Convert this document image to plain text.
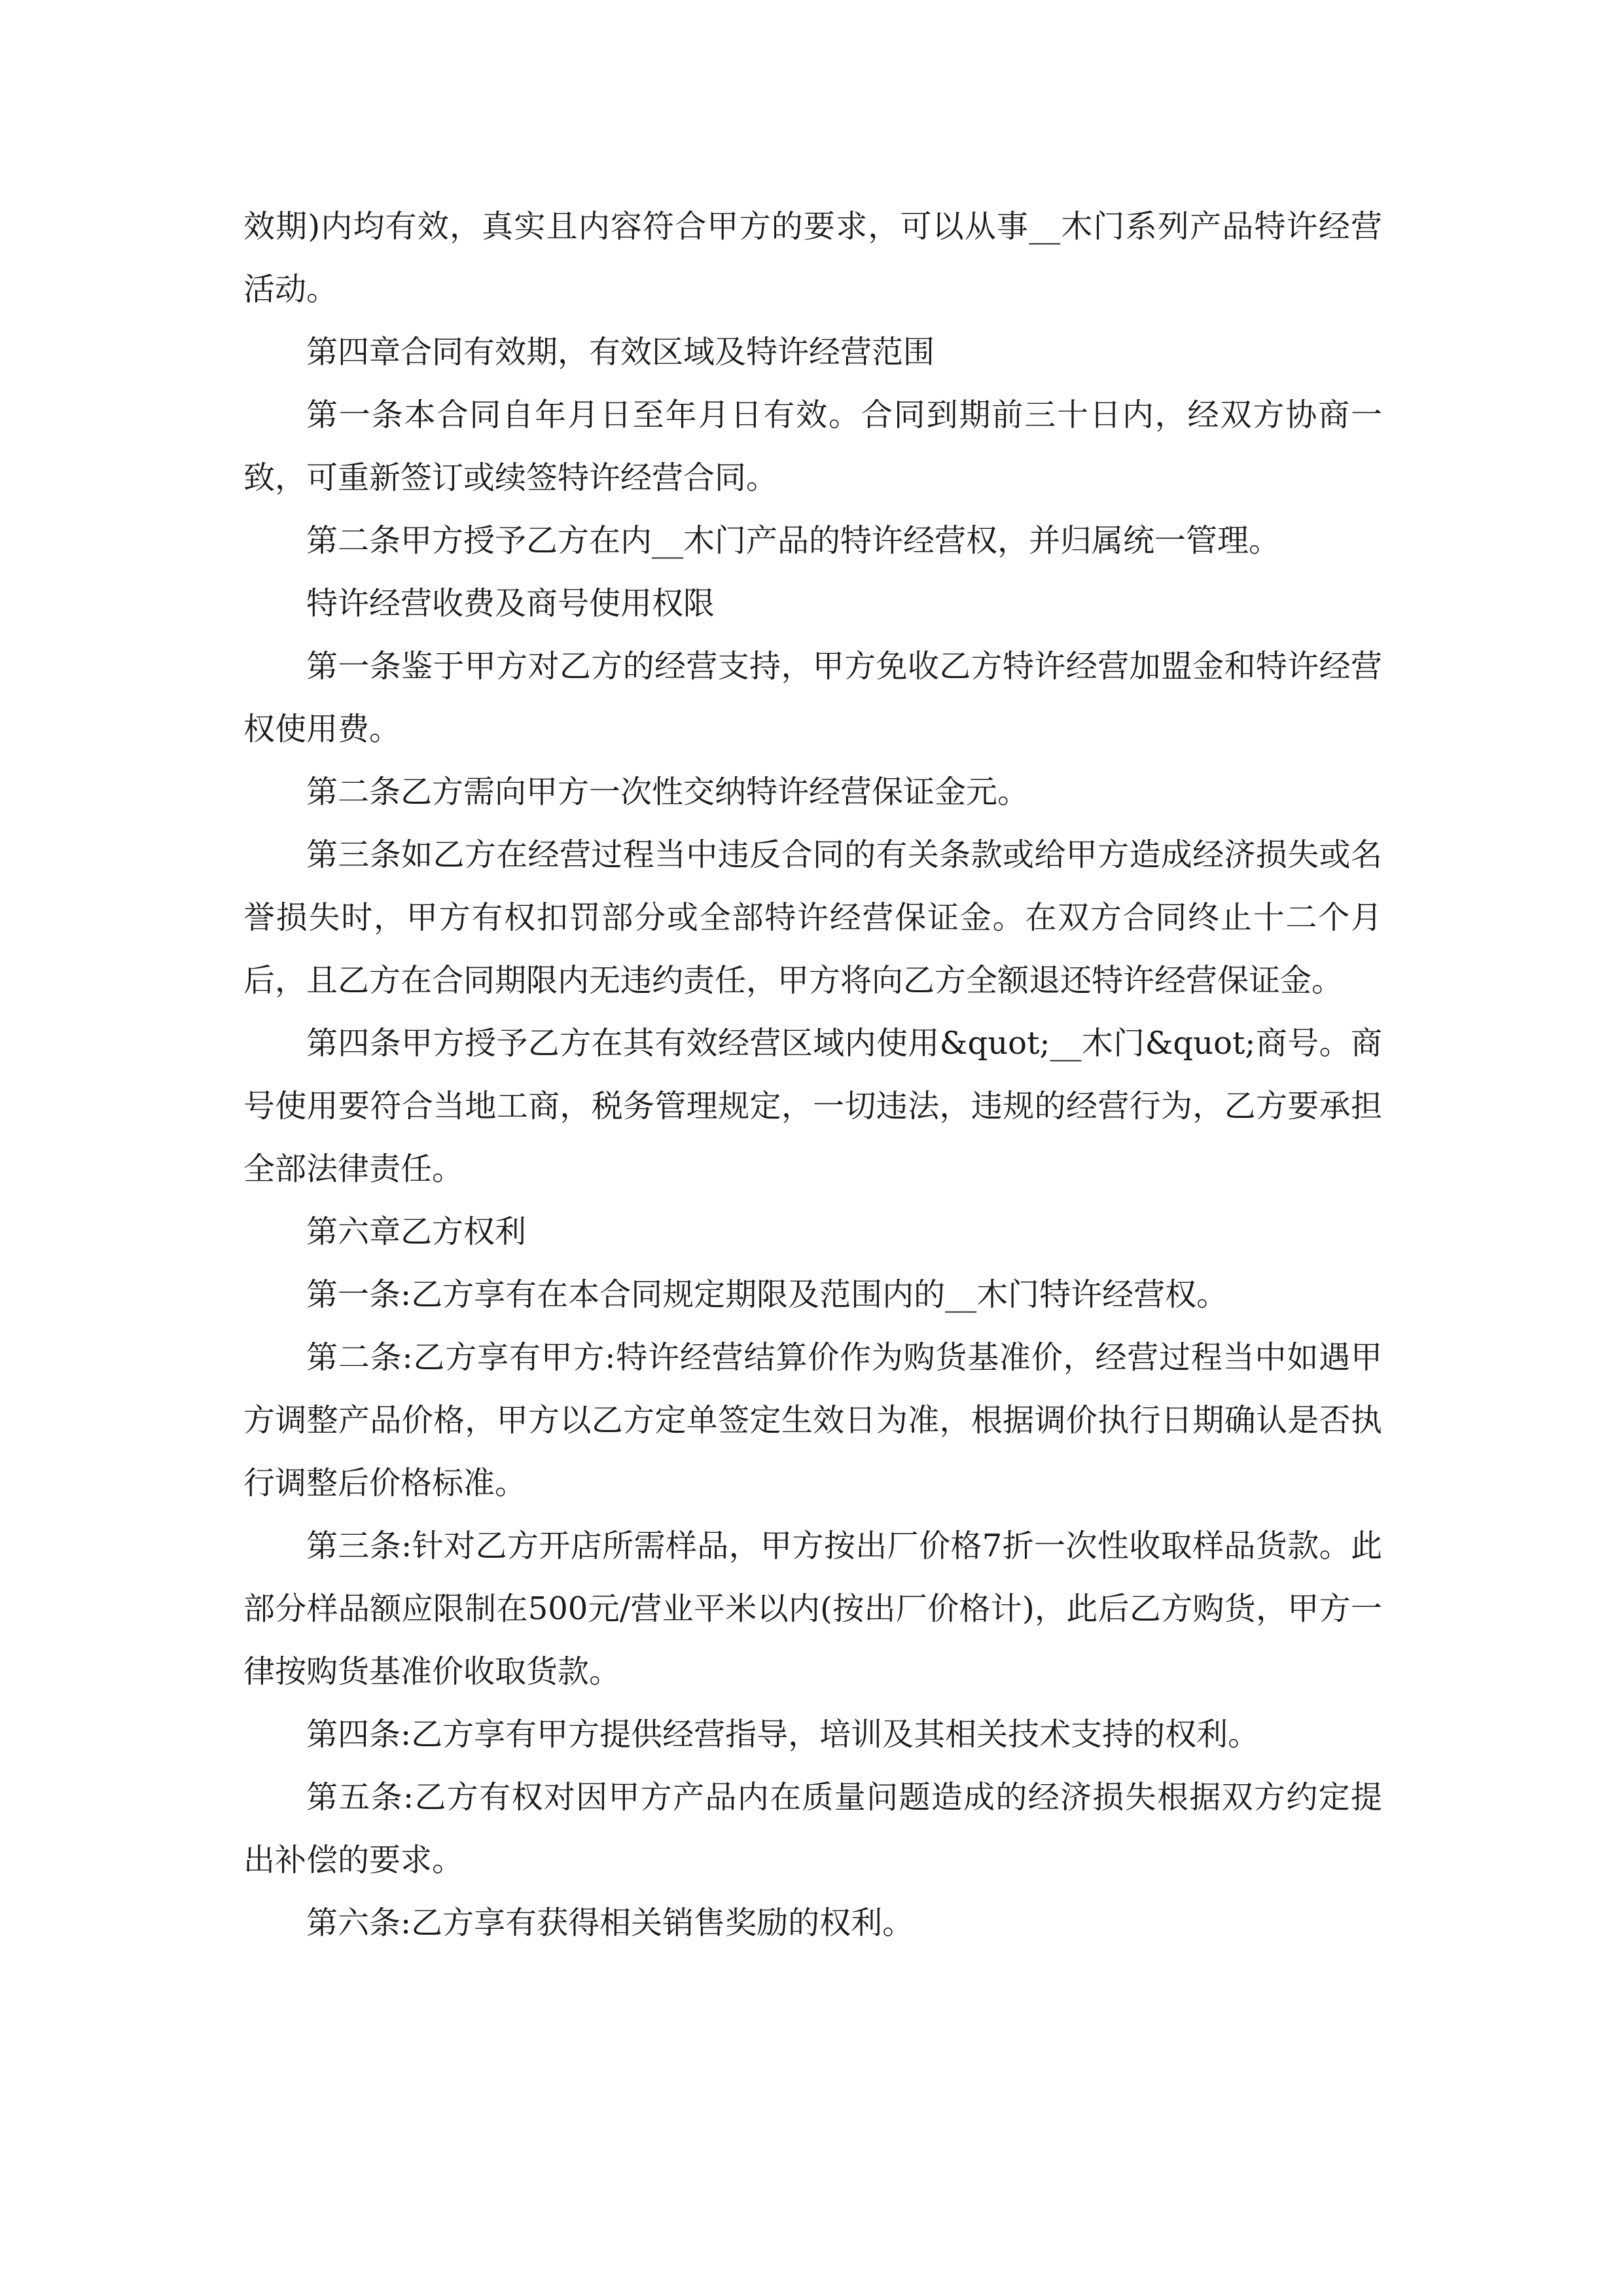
效期)内均有效，真实且内容符合甲方的要求，可以从事__木门系列产品特许经营活动。

第四章合同有效期，有效区域及特许经营范围

第一条本合同自年月日至年月日有效。合同到期前三十日内，经双方协商一致，可重新签订或续签特许经营合同。

第二条甲方授予乙方在内__木门产品的特许经营权，并归属统一管理。

特许经营收费及商号使用权限

第一条鉴于甲方对乙方的经营支持，甲方免收乙方特许经营加盟金和特许经营权使用费。

第二条乙方需向甲方一次性交纳特许经营保证金元。

第三条如乙方在经营过程当中违反合同的有关条款或给甲方造成经济损失或名誉损失时，甲方有权扣罚部分或全部特许经营保证金。在双方合同终止十二个月后，且乙方在合同期限内无违约责任，甲方将向乙方全额退还特许经营保证金。

第四条甲方授予乙方在其有效经营区域内使用&quot;__木门&quot;商号。商号使用要符合当地工商，税务管理规定，一切违法，违规的经营行为，乙方要承担全部法律责任。

第六章乙方权利

第一条:乙方享有在本合同规定期限及范围内的__木门特许经营权。

第二条:乙方享有甲方:特许经营结算价作为购货基准价，经营过程当中如遇甲方调整产品价格，甲方以乙方定单签定生效日为准，根据调价执行日期确认是否执行调整后价格标准。

第三条:针对乙方开店所需样品，甲方按出厂价格7折一次性收取样品货款。此部分样品额应限制在500元/营业平米以内(按出厂价格计)，此后乙方购货，甲方一律按购货基准价收取货款。

第四条:乙方享有甲方提供经营指导，培训及其相关技术支持的权利。

第五条:乙方有权对因甲方产品内在质量问题造成的经济损失根据双方约定提出补偿的要求。

第六条:乙方享有获得相关销售奖励的权利。
